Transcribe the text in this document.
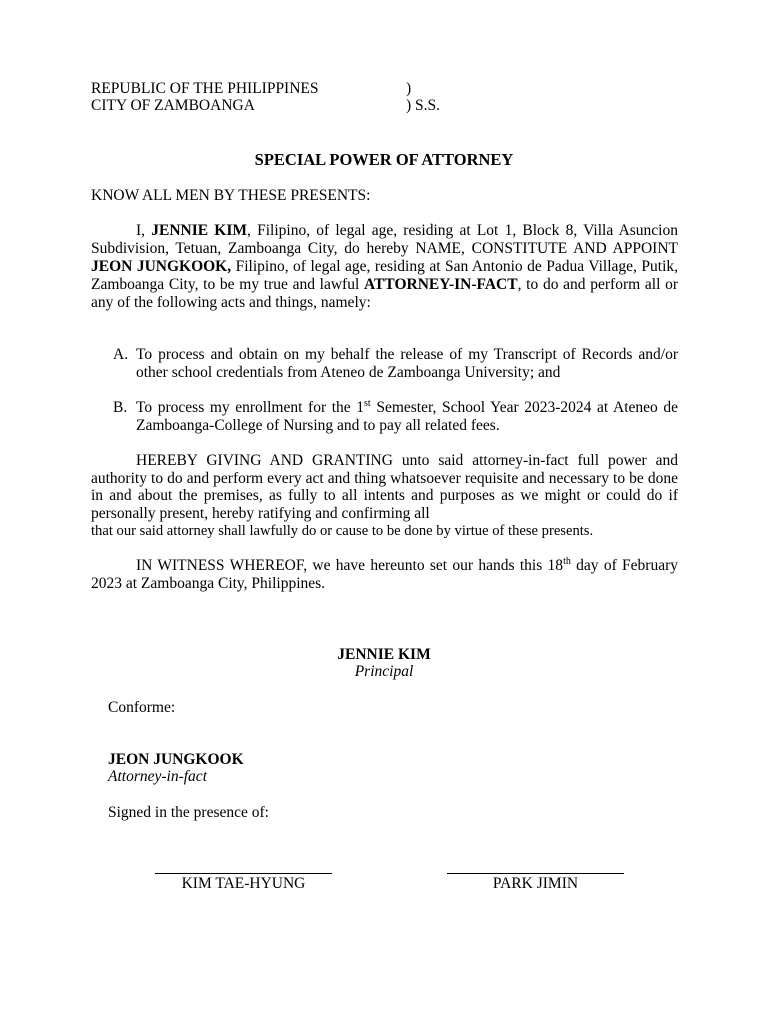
REPUBLIC OF THE PHILIPPINES	)
CITY OF ZAMBOANGA	) S.S.
SPECIAL POWER OF ATTORNEY
KNOW ALL MEN BY THESE PRESENTS:
I, JENNIE KIM, Filipino, of legal age, residing at Lot 1, Block 8, Villa Asuncion Subdivision, Tetuan, Zamboanga City, do hereby NAME, CONSTITUTE AND APPOINT JEON JUNGKOOK, Filipino, of legal age, residing at San Antonio de Padua Village, Putik, Zamboanga City, to be my true and lawful ATTORNEY-IN-FACT, to do and perform all or any of the following acts and things, namely:
A. To process and obtain on my behalf the release of my Transcript of Records and/or other school credentials from Ateneo de Zamboanga University; and
B. To process my enrollment for the 1st Semester, School Year 2023-2024 at Ateneo de Zamboanga-College of Nursing and to pay all related fees.
HEREBY GIVING AND GRANTING unto said attorney-in-fact full power and authority to do and perform every act and thing whatsoever requisite and necessary to be done in and about the premises, as fully to all intents and purposes as we might or could do if personally present, hereby ratifying and confirming all
that our said attorney shall lawfully do or cause to be done by virtue of these presents.
IN WITNESS WHEREOF, we have hereunto set our hands this 18th day of February 2023 at Zamboanga City, Philippines.
JENNIE KIM
Principal
Conforme:
JEON JUNGKOOK
Attorney-in-fact
Signed in the presence of:
KIM TAE-HYUNG	PARK JIMIN
